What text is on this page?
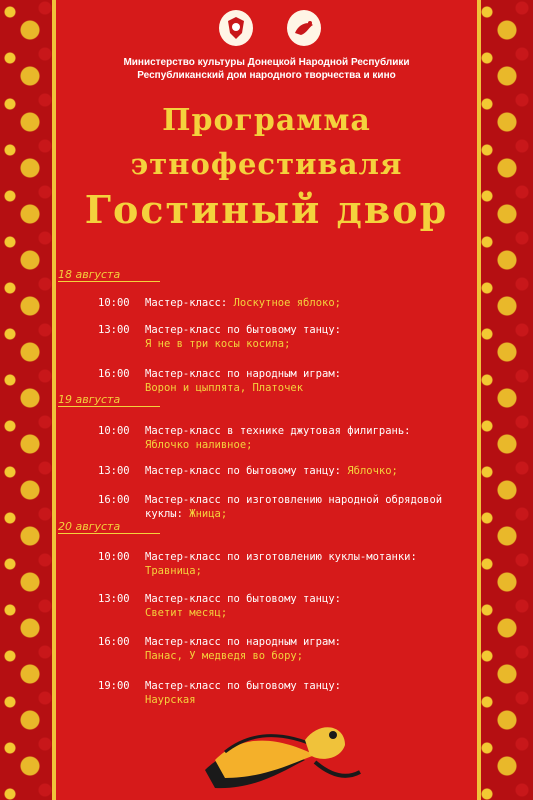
Министерство культуры Донецкой Народной Республики
Республиканский дом народного творчества и кино
Программа
этнофестиваля
Гостиный двор
18 августа
10:00	Мастер-класс: Лоскутное яблоко;
13:00	Мастер-класс по бытовому танцу:
Я не в три косы косила;
16:00	Мастер-класс по народным играм:
Ворон и цыплята, Платочек
19 августа
10:00	Мастер-класс в технике джутовая филигрань:
Яблочко наливное;
13:00	Мастер-класс по бытовому танцу: Яблочко;
16:00	Мастер-класс по изготовлению народной обрядовой куклы: Жница;
20 августа
10:00	Мастер-класс по изготовлению куклы-мотанки:
Травница;
13:00	Мастер-класс по бытовому танцу:
Светит месяц;
16:00	Мастер-класс по народным играм:
Панас, У медведя во бору;
19:00	Мастер-класс по бытовому танцу:
Наурская
